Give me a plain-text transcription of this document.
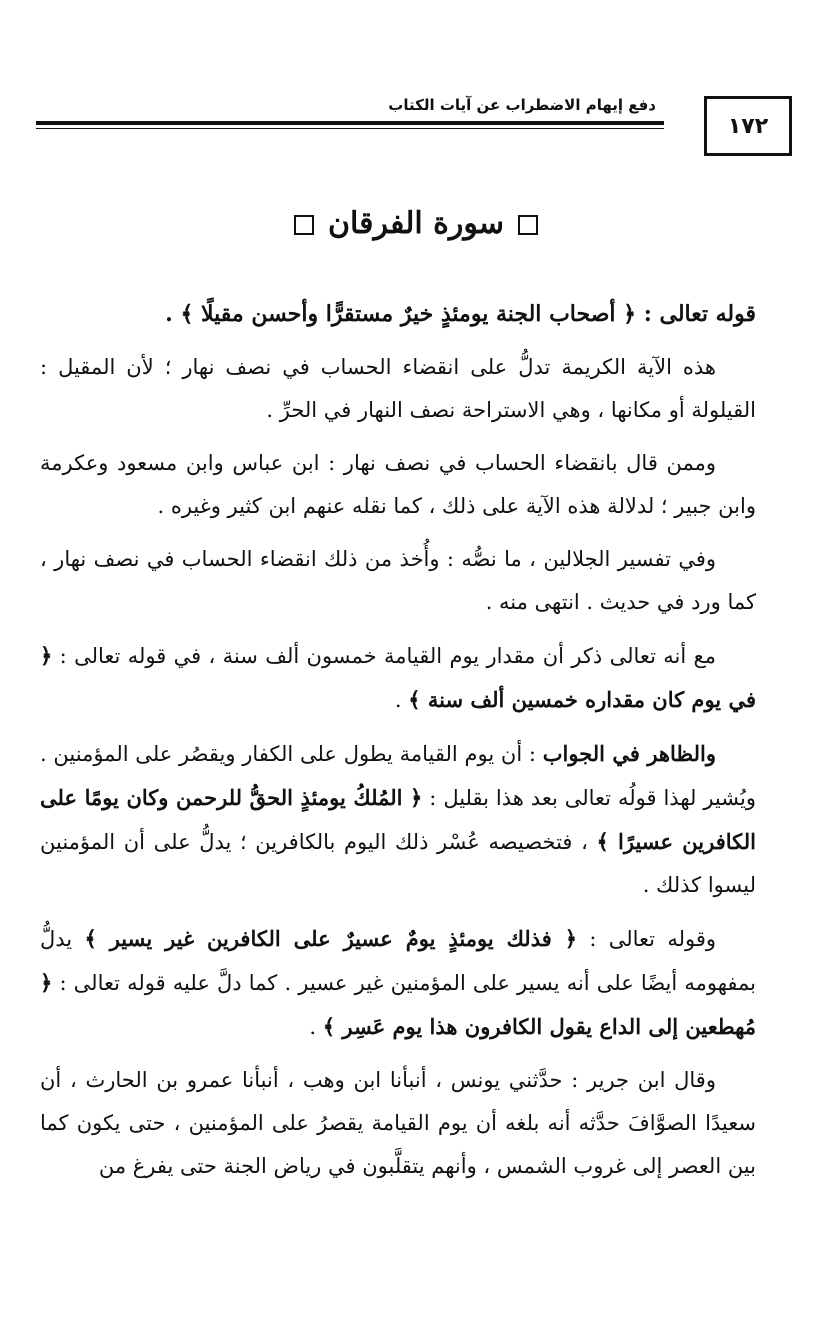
دفع إيهام الاضطراب عن آيات الكتاب
١٧٢
سورة الفرقان

قوله تعالى : ﴿ أصحاب الجنة يومئذٍ خيرٌ مستقرًّا وأحسن مقيلًا ﴾ .

هذه الآية الكريمة تدلُّ على انقضاء الحساب في نصف نهار ؛ لأن المقيل : القيلولة أو مكانها ، وهي الاستراحة نصف النهار في الحرِّ .

وممن قال بانقضاء الحساب في نصف نهار : ابن عباس وابن مسعود وعكرمة وابن جبير ؛ لدلالة هذه الآية على ذلك ، كما نقله عنهم ابن كثير وغيره .

وفي تفسير الجلالين ، ما نصُّه : وأُخذ من ذلك انقضاء الحساب في نصف نهار ، كما ورد في حديث . انتهى منه .

مع أنه تعالى ذكر أن مقدار يوم القيامة خمسون ألف سنة ، في قوله تعالى : ﴿ في يوم كان مقداره خمسين ألف سنة ﴾ .

والظاهر في الجواب : أن يوم القيامة يطول على الكفار ويقصُر على المؤمنين . ويُشير لهذا قولُه تعالى بعد هذا بقليل : ﴿ المُلكُ يومئذٍ الحقُّ للرحمن وكان يومًا على الكافرين عسيرًا ﴾ ، فتخصيصه عُسْر ذلك اليوم بالكافرين ؛ يدلُّ على أن المؤمنين ليسوا كذلك .

وقوله تعالى : ﴿ فذلك يومئذٍ يومٌ عسيرٌ على الكافرين غير يسير ﴾ يدلُّ بمفهومه أيضًا على أنه يسير على المؤمنين غير عسير . كما دلَّ عليه قوله تعالى : ﴿ مُهطعين إلى الداع يقول الكافرون هذا يوم عَسِر ﴾ .

وقال ابن جرير : حدَّثني يونس ، أنبأنا ابن وهب ، أنبأنا عمرو بن الحارث ، أن سعيدًا الصوَّافَ حدَّثه أنه بلغه أن يوم القيامة يقصرُ على المؤمنين ، حتى يكون كما بين العصر إلى غروب الشمس ، وأنهم يتقلَّبون في رياض الجنة حتى يفرغ من
